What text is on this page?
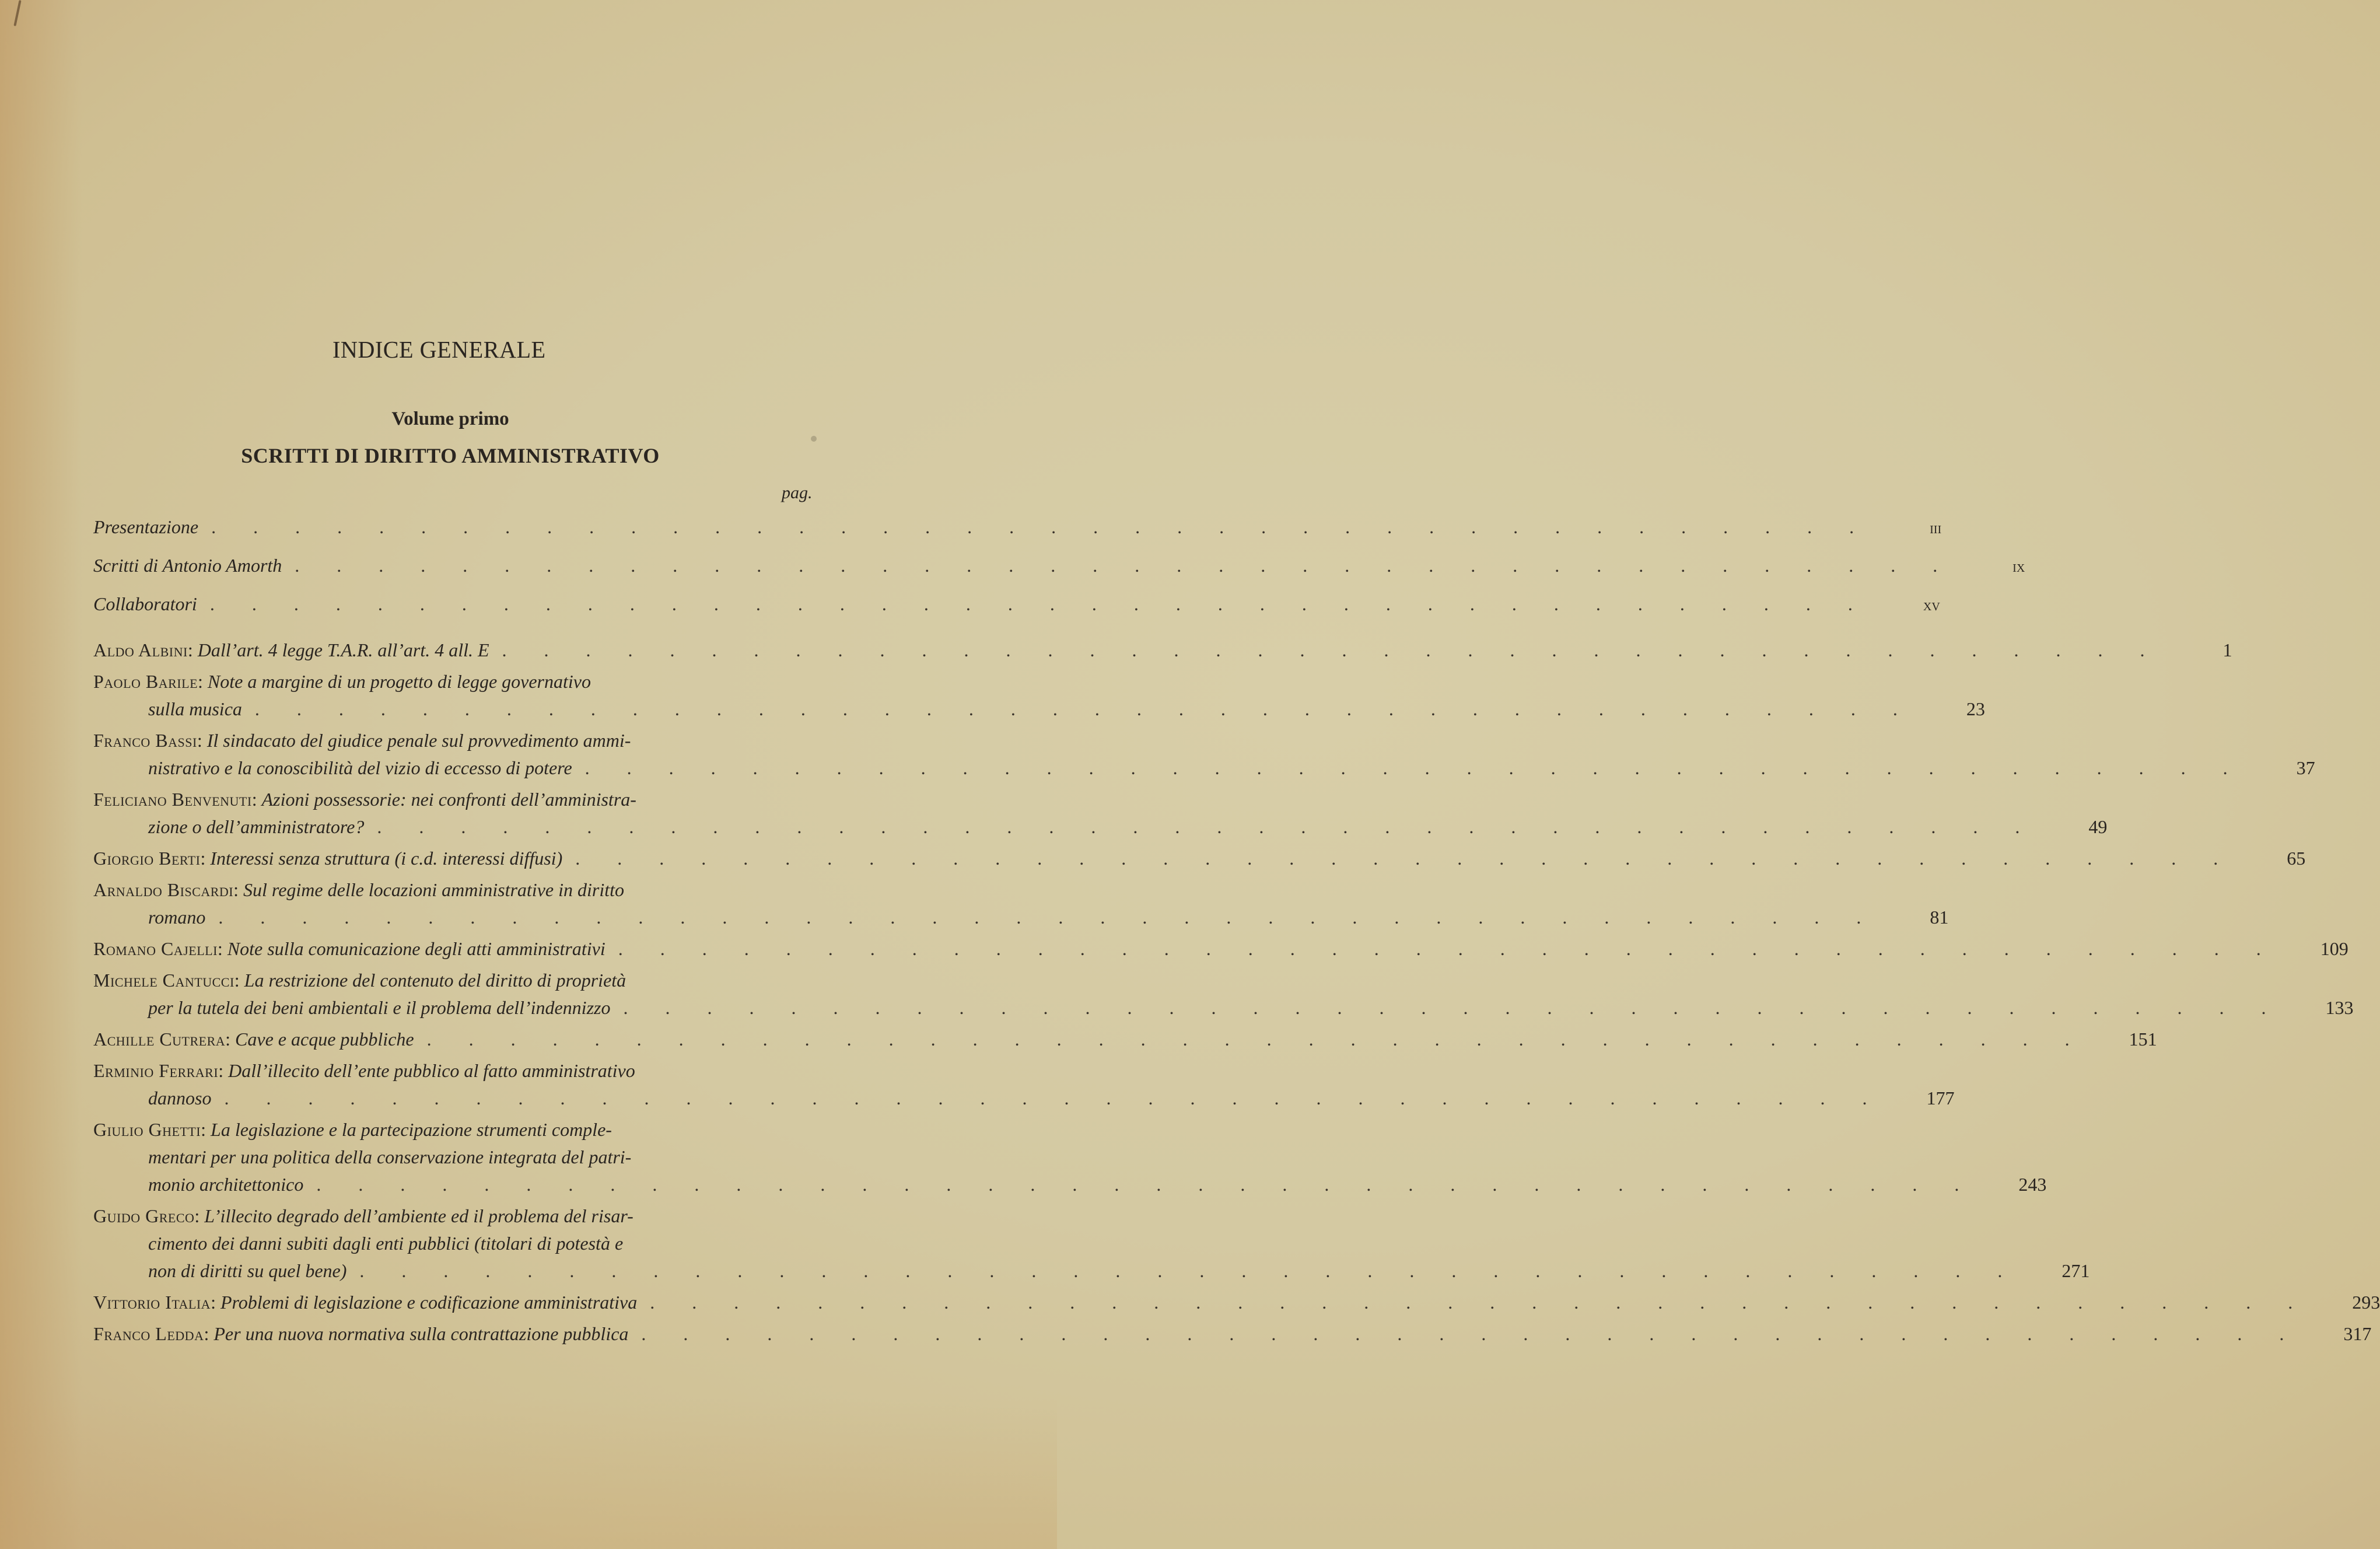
INDICE GENERALE
Volume primo
SCRITTI DI DIRITTO AMMINISTRATIVO
pag.
Presentazione . . . . . . . . . . . . . . . . . . . . . . . . . . . . . . . . . . . . . . . .	iii
Scritti di Antonio Amorth . . . . . . . . . . . . . . . . . . . . . . . . . . . . . . . . . . . . . . . .	ix
Collaboratori . . . . . . . . . . . . . . . . . . . . . . . . . . . . . . . . . . . . . . . .	xv
Aldo Albini: Dall’art. 4 legge T.A.R. all’art. 4 all. E . . . . . . . . . . . . . . . . . . . . . . . . . . . . . . . . . . . . . . . .	1
Paolo Barile: Note a margine di un progetto di legge governativo
sulla musica . . . . . . . . . . . . . . . . . . . . . . . . . . . . . . . . . . . . . . . .	23
Franco Bassi: Il sindacato del giudice penale sul provvedimento ammi-
nistrativo e la conoscibilità del vizio di eccesso di potere . . . . . . . . . . . . . . . . . . . . . . . . . . . . . . . . . . . . . . . .	37
Feliciano Benvenuti: Azioni possessorie: nei confronti dell’amministra-
zione o dell’amministratore? . . . . . . . . . . . . . . . . . . . . . . . . . . . . . . . . . . . . . . . .	49
Giorgio Berti: Interessi senza struttura (i c.d. interessi diffusi) . . . . . . . . . . . . . . . . . . . . . . . . . . . . . . . . . . . . . . . .	65
Arnaldo Biscardi: Sul regime delle locazioni amministrative in diritto
romano . . . . . . . . . . . . . . . . . . . . . . . . . . . . . . . . . . . . . . . .	81
Romano Cajelli: Note sulla comunicazione degli atti amministrativi . . . . . . . . . . . . . . . . . . . . . . . . . . . . . . . . . . . . . . . .	109
Michele Cantucci: La restrizione del contenuto del diritto di proprietà
per la tutela dei beni ambientali e il problema dell’indennizzo . . . . . . . . . . . . . . . . . . . . . . . . . . . . . . . . . . . . . . . .	133
Achille Cutrera: Cave e acque pubbliche . . . . . . . . . . . . . . . . . . . . . . . . . . . . . . . . . . . . . . . .	151
Erminio Ferrari: Dall’illecito dell’ente pubblico al fatto amministrativo
dannoso . . . . . . . . . . . . . . . . . . . . . . . . . . . . . . . . . . . . . . . .	177
Giulio Ghetti: La legislazione e la partecipazione strumenti comple-
mentari per una politica della conservazione integrata del patri-
monio architettonico . . . . . . . . . . . . . . . . . . . . . . . . . . . . . . . . . . . . . . . .	243
Guido Greco: L’illecito degrado dell’ambiente ed il problema del risar-
cimento dei danni subiti dagli enti pubblici (titolari di potestà e
non di diritti su quel bene) . . . . . . . . . . . . . . . . . . . . . . . . . . . . . . . . . . . . . . . .	271
Vittorio Italia: Problemi di legislazione e codificazione amministrativa . . . . . . . . . . . . . . . . . . . . . . . . . . . . . . . . . . . . . . . .	293
Franco Ledda: Per una nuova normativa sulla contrattazione pubblica . . . . . . . . . . . . . . . . . . . . . . . . . . . . . . . . . . . . . . . .	317
